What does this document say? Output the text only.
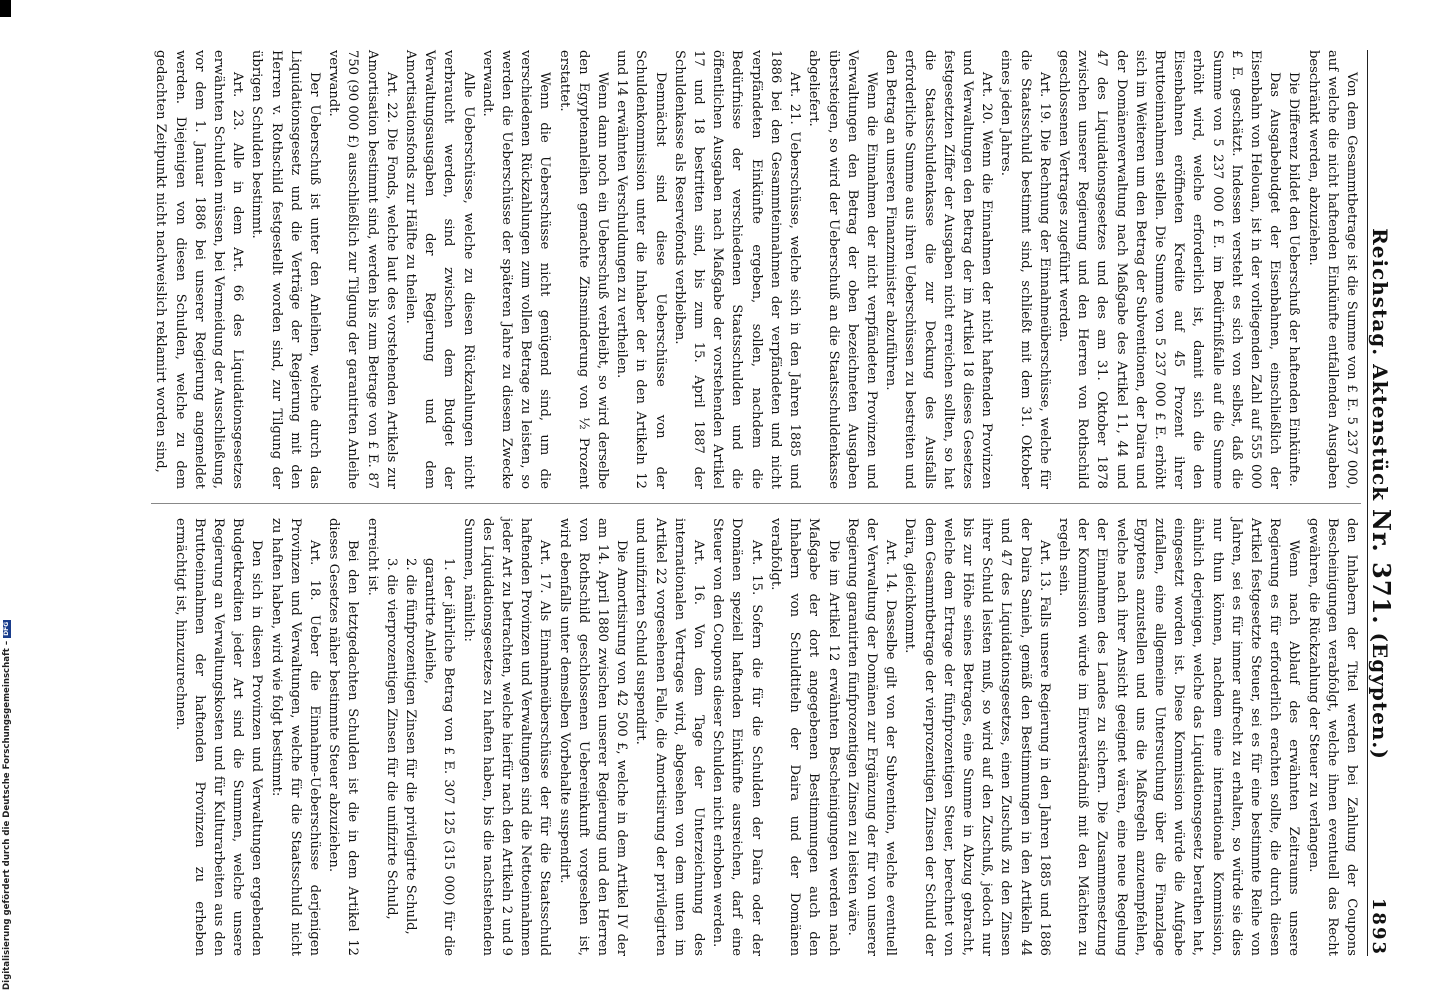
Reichstag. Aktenstück Nr. 371. (Egypten.)
1893

Von dem Gesammtbetrage ist die Summe von £ E. 5 237 000, auf welche die nicht haftenden Einkünfte entfallenden Ausgaben beschränkt werden, abzuziehen.

Die Differenz bildet den Ueberschuß der haftenden Einkünfte.

Das Ausgabebudget der Eisenbahnen, einschließlich der Eisenbahn von Helouan, ist in der vorliegenden Zahl auf 555 000 £ E. geschätzt. Indessen versteht es sich von selbst, daß die Summe von 5 237 000 £ E. im Bedürfnißfalle auf die Summe erhöht wird, welche erforderlich ist, damit sich die den Eisenbahnen eröffneten Kredite auf 45 Prozent ihrer Bruttoeinnahmen stellen. Die Summe von 5 237 000 £ E. erhöht sich im Weiteren um den Betrag der Subventionen, der Daira und der Domänenverwaltung nach Maßgabe des Artikel 11, 44 und 47 des Liquidationsgesetzes und des am 31. Oktober 1878 zwischen unserer Regierung und den Herren von Rothschild geschlossenen Vertrages zugeführt werden.

Art. 19. Die Rechnung der Einnahmeüberschüsse, welche für die Staatsschuld bestimmt sind, schließt mit dem 31. Oktober eines jeden Jahres.

Art. 20. Wenn die Einnahmen der nicht haftenden Provinzen und Verwaltungen den Betrag der im Artikel 18 dieses Gesetzes festgesetzten Ziffer der Ausgaben nicht erreichen sollten, so hat die Staatsschuldenkasse die zur Deckung des Ausfalls erforderliche Summe aus ihren Ueberschüssen zu bestreiten und den Betrag an unseren Finanzminister abzuführen.

Wenn die Einnahmen der nicht verpfändeten Provinzen und Verwaltungen den Betrag der oben bezeichneten Ausgaben übersteigen, so wird der Ueberschuß an die Staatsschuldenkasse abgeliefert.

Art. 21. Ueberschüsse, welche sich in den Jahren 1885 und 1886 bei den Gesammteinnahmen der verpfändeten und nicht verpfändeten Einkünfte ergeben, sollen, nachdem die Bedürfnisse der verschiedenen Staatsschulden und die öffentlichen Ausgaben nach Maßgabe der vorstehenden Artikel 17 und 18 bestritten sind, bis zum 15. April 1887 der Schuldenkasse als Reservefonds verbleiben.

Demnächst sind diese Ueberschüsse von der Schuldenkommission unter die Inhaber der in den Artikeln 12 und 14 erwähnten Verschuldungen zu vertheilen.

Wenn dann noch ein Ueberschuß verbleibt, so wird derselbe den Egyptenanleihen gemachte Zinsminderung von ½ Prozent erstattet.

Wenn die Ueberschüsse nicht genügend sind, um die verschiedenen Rückzahlungen zum vollen Betrage zu leisten, so werden die Ueberschüsse der späteren Jahre zu diesem Zwecke verwandt.

Alle Ueberschüsse, welche zu diesen Rückzahlungen nicht verbraucht werden, sind zwischen dem Budget der Verwaltungsausgaben der Regierung und dem Amortisationsfonds zur Hälfte zu theilen.

Art. 22. Die Fonds, welche laut des vorstehenden Artikels zur Amortisation bestimmt sind, werden bis zum Betrage von £ E. 87 750 (90 000 £) ausschließlich zur Tilgung der garantirten Anleihe verwandt.

Der Ueberschuß ist unter den Anleihen, welche durch das Liquidationsgesetz und die Verträge der Regierung mit den Herren v. Rothschild festgestellt worden sind, zur Tilgung der übrigen Schulden bestimmt.

Art. 23. Alle in dem Art. 66 des Liquidationsgesetzes erwähnten Schulden müssen, bei Vermeidung der Ausschließung, vor dem 1. Januar 1886 bei unserer Regierung angemeldet werden. Diejenigen von diesen Schulden, welche zu dem gedachten Zeitpunkt nicht nachweislich reklamirt worden sind,

den Inhabern der Titel werden bei Zahlung der Coupons Bescheinigungen verabfolgt, welche ihnen eventuell das Recht gewähren, die Rückzahlung der Steuer zu verlangen.

Wenn nach Ablauf des erwähnten Zeitraums unsere Regierung es für erforderlich erachten sollte, die durch diesen Artikel festgesetzte Steuer, sei es für eine bestimmte Reihe von Jahren, sei es für immer aufrecht zu erhalten, so würde sie dies nur thun können, nachdem eine internationale Kommission, ähnlich derjenigen, welche das Liquidationsgesetz berathen hat, eingesetzt worden ist. Diese Kommission würde die Aufgabe zufallen, eine allgemeine Untersuchung über die Finanzlage Egyptens anzustellen und uns die Maßregeln anzuempfehlen, welche nach ihrer Ansicht geeignet wären, eine neue Regelung der Einnahmen des Landes zu sichern. Die Zusammensetzung der Kommission würde im Einverständniß mit den Mächten zu regeln sein.

Art. 13. Falls unsere Regierung in den Jahren 1885 und 1886 der Daira Sanieh, gemäß den Bestimmungen in den Artikeln 44 und 47 des Liquidationsgesetzes, einen Zuschuß zu den Zinsen ihrer Schuld leisten muß, so wird auf den Zuschuß, jedoch nur bis zur Höhe seines Betrages, eine Summe in Abzug gebracht, welche dem Ertrage der fünfprozentigen Steuer, berechnet von dem Gesammtbetrage der vierprozentigen Zinsen der Schuld der Daira, gleichkommt.

Art. 14. Dasselbe gilt von der Subvention, welche eventuell der Verwaltung der Domänen zur Ergänzung der für von unserer Regierung garantirten fünfprozentigen Zinsen zu leisten wäre.

Die im Artikel 12 erwähnten Bescheinigungen werden nach Maßgabe der dort angegebenen Bestimmungen auch den Inhabern von Schuldtiteln der Daira und der Domänen verabfolgt.

Art. 15. Sofern die für die Schulden der Daira oder der Domänen speziell haftenden Einkünfte ausreichen, darf eine Steuer von den Coupons dieser Schulden nicht erhoben werden.

Art. 16. Von dem Tage der Unterzeichnung des internationalen Vertrages wird, abgesehen von dem unten im Artikel 22 vorgesehenen Falle, die Amortisirung der privilegirten und unifizirten Schuld suspendirt.

Die Amortisirung von 42 500 £, welche in dem Artikel IV der am 14. April 1880 zwischen unserer Regierung und den Herren von Rothschild geschlossenen Uebereinkunft vorgesehen ist, wird ebenfalls unter demselben Vorbehalte suspendirt.

Art. 17. Als Einnahmeüberschüsse der für die Staatsschuld haftenden Provinzen und Verwaltungen sind die Nettoeinnahmen jeder Art zu betrachten, welche hierfür nach den Artikeln 2 und 9 des Liquidationsgesetzes zu haften haben, bis die nachstehenden Summen, nämlich:

1. der jährliche Betrag von £ E. 307 125 (315 000) für die garantirte Anleihe,

2. die fünfprozentigen Zinsen für die privilegirte Schuld,

3. die vierprozentigen Zinsen für die unifizirte Schuld,

erreicht ist.

Bei den letztgedachten Schulden ist die in dem Artikel 12 dieses Gesetzes näher bestimmte Steuer abzuziehen.

Art. 18. Ueber die Einnahme-Ueberschüsse derjenigen Provinzen und Verwaltungen, welche für die Staatsschuld nicht zu haften haben, wird wie folgt bestimmt:

Den sich in diesen Provinzen und Verwaltungen ergebenden Budgetkrediten jeder Art sind die Summen, welche unsere Regierung an Verwaltungskosten und für Kulturarbeiten aus den Bruttoeinnahmen der haftenden Provinzen zu erheben ermächtigt ist, hinzuzurechnen.

Digitalisierung gefördert durch die Deutsche Forschungsgemeinschaft –DFG
